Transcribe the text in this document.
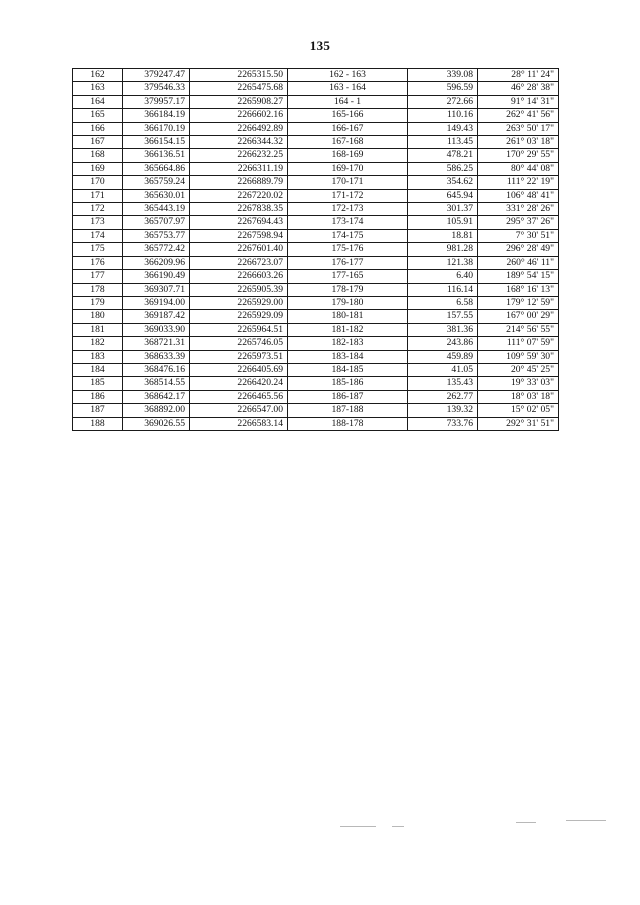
135
162	379247.47	2265315.50	162 - 163	339.08	28° 11' 24"
163	379546.33	2265475.68	163 - 164	596.59	46° 28' 38"
164	379957.17	2265908.27	164 - 1	272.66	91° 14' 31"
165	366184.19	2266602.16	165-166	110.16	262° 41' 56"
166	366170.19	2266492.89	166-167	149.43	263° 50' 17"
167	366154.15	2266344.32	167-168	113.45	261° 03' 18"
168	366136.51	2266232.25	168-169	478.21	170° 29' 55"
169	365664.86	2266311.19	169-170	586.25	80° 44' 08"
170	365759.24	2266889.79	170-171	354.62	111° 22' 19"
171	365630.01	2267220.02	171-172	645.94	106° 48' 41"
172	365443.19	2267838.35	172-173	301.37	331° 28' 26"
173	365707.97	2267694.43	173-174	105.91	295° 37' 26"
174	365753.77	2267598.94	174-175	18.81	7° 30' 51"
175	365772.42	2267601.40	175-176	981.28	296° 28' 49"
176	366209.96	2266723.07	176-177	121.38	260° 46' 11"
177	366190.49	2266603.26	177-165	6.40	189° 54' 15"
178	369307.71	2265905.39	178-179	116.14	168° 16' 13"
179	369194.00	2265929.00	179-180	6.58	179° 12' 59"
180	369187.42	2265929.09	180-181	157.55	167° 00' 29"
181	369033.90	2265964.51	181-182	381.36	214° 56' 55"
182	368721.31	2265746.05	182-183	243.86	111° 07' 59"
183	368633.39	2265973.51	183-184	459.89	109° 59' 30"
184	368476.16	2266405.69	184-185	41.05	20° 45' 25"
185	368514.55	2266420.24	185-186	135.43	19° 33' 03"
186	368642.17	2266465.56	186-187	262.77	18° 03' 18"
187	368892.00	2266547.00	187-188	139.32	15° 02' 05"
188	369026.55	2266583.14	188-178	733.76	292° 31' 51"
